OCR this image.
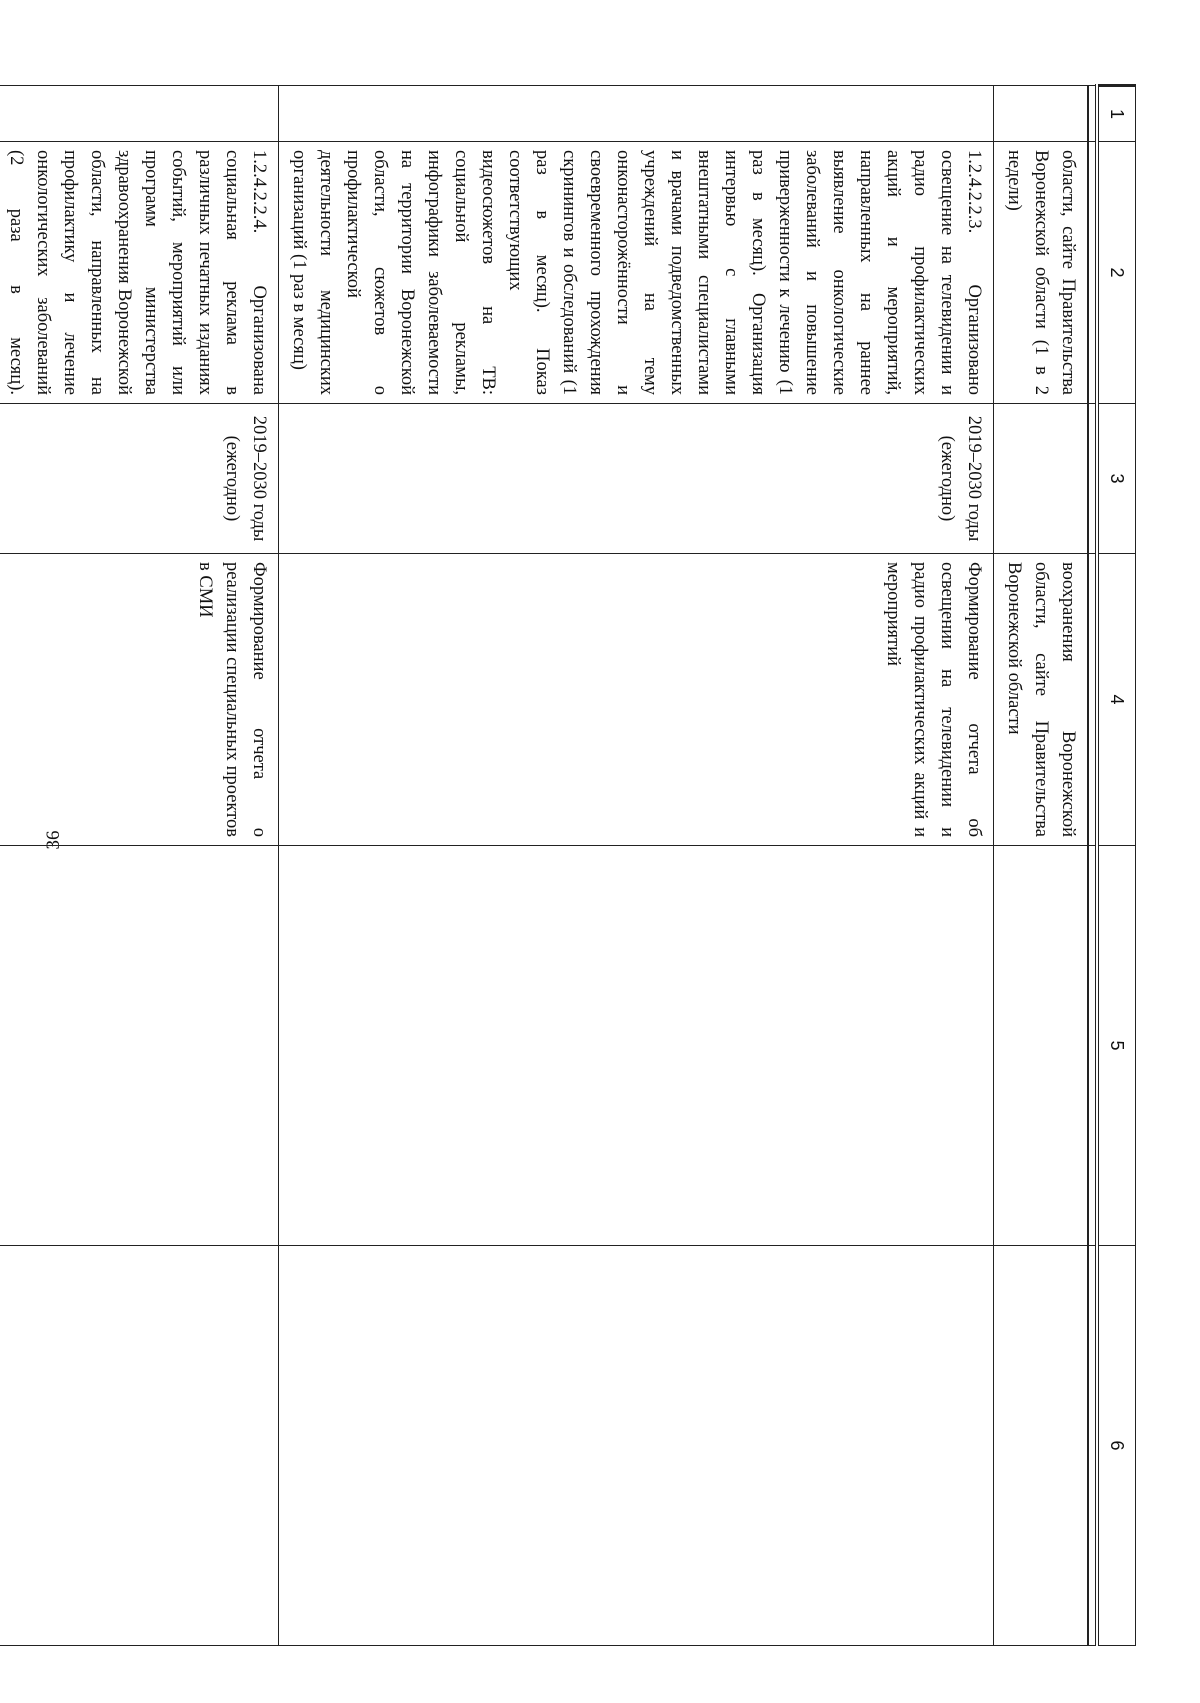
36
1	2	3	4	5	6

	области, сайте Правительства Воронежской области (1 в 2 недели)		воохранения Воронежской области, сайте Правительства Воронежской области		
	1.2.4.2.2.3. Организовано освещение на телевидении и радио профилактических акций и мероприятий, направленных на раннее выявление онкологические заболеваний и повышение приверженности к лечению (1 раз в месяц). Организация интервью с главными внештатными специалистами и врачами подведомственных учреждений на тему онконасторожённости и своевременного прохождения скринингов и обследований (1 раз в месяц). Показ соответствующих видеосюжетов на ТВ: социальной рекламы, инфографики заболеваемости на территории Воронежской области, сюжетов о профилактической деятельности медицинских организаций (1 раз в месяц)	2019–2030 годы (ежегодно)	Формирование отчета об освещении на телевидении и радио профилактических акций и мероприятий		
	1.2.4.2.2.4. Организована социальная реклама в различных печатных изданиях событий, мероприятий или программ министерства здравоохранения Воронежской области, направленных на профилактику и лечение онкологических заболеваний (2 раза в месяц).	2019–2030 годы (ежегодно)	Формирование отчета о реализации специальных проектов в СМИ		
